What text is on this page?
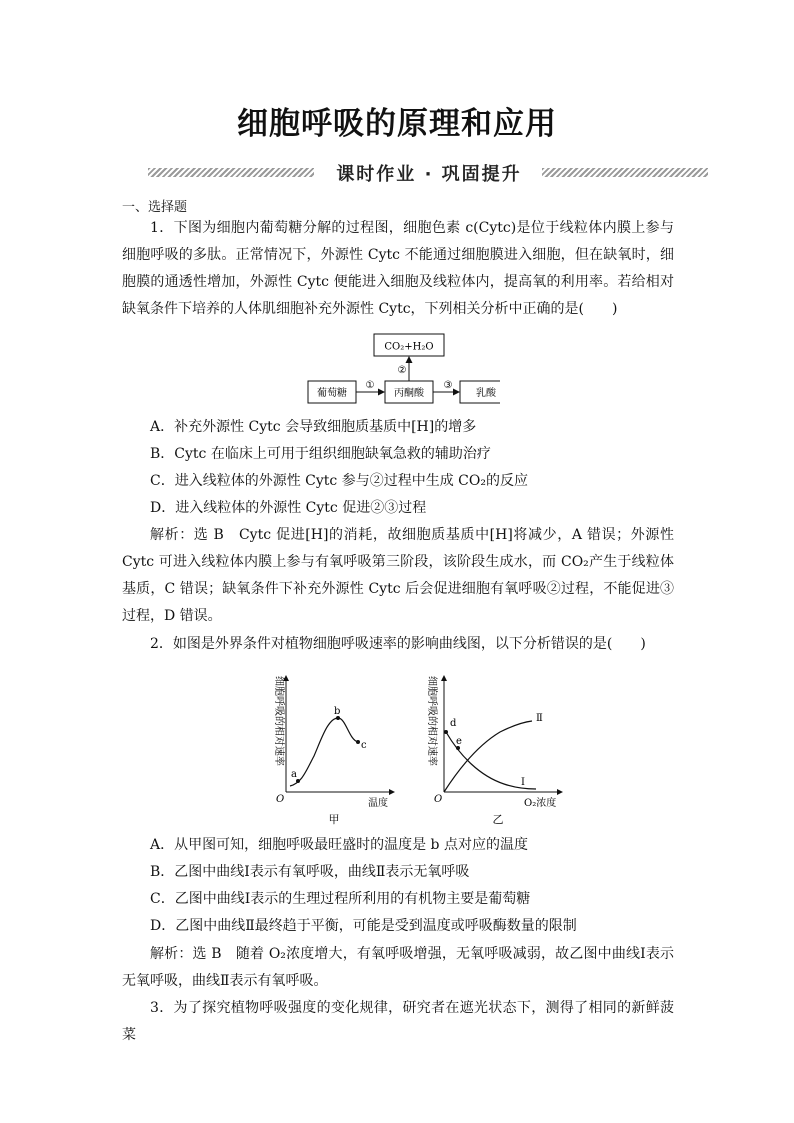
细胞呼吸的原理和应用
课时作业 · 巩固提升
一、选择题

1．下图为细胞内葡萄糖分解的过程图，细胞色素 c(Cytc)是位于线粒体内膜上参与细胞呼吸的多肽。正常情况下，外源性 Cytc 不能通过细胞膜进入细胞，但在缺氧时，细胞膜的通透性增加，外源性 Cytc 便能进入细胞及线粒体内，提高氧的利用率。若给相对缺氧条件下培养的人体肌细胞补充外源性 Cytc，下列相关分析中正确的是(　　)

CO₂+H₂O
葡萄糖	丙酮酸	乳酸
①	③
②
A．补充外源性 Cytc 会导致细胞质基质中[H]的增多
B．Cytc 在临床上可用于组织细胞缺氧急救的辅助治疗
C．进入线粒体的外源性 Cytc 参与②过程中生成 CO₂的反应
D．进入线粒体的外源性 Cytc 促进②③过程

解析：选 B　Cytc 促进[H]的消耗，故细胞质基质中[H]将减少，A 错误；外源性 Cytc 可进入线粒体内膜上参与有氧呼吸第三阶段，该阶段生成水，而 CO₂产生于线粒体基质，C 错误；缺氧条件下补充外源性 Cytc 后会促进细胞有氧呼吸②过程，不能促进③过程，D 错误。

2．如图是外界条件对植物细胞呼吸速率的影响曲线图，以下分析错误的是(　　)

细胞呼吸的相对速率
O	温度
a
b
c
甲
细胞呼吸的相对速率
O	O₂浓度
Ⅰ
Ⅱ
d
e
乙
A．从甲图可知，细胞呼吸最旺盛时的温度是 b 点对应的温度
B．乙图中曲线Ⅰ表示有氧呼吸，曲线Ⅱ表示无氧呼吸
C．乙图中曲线Ⅰ表示的生理过程所利用的有机物主要是葡萄糖
D．乙图中曲线Ⅱ最终趋于平衡，可能是受到温度或呼吸酶数量的限制

解析：选 B　随着 O₂浓度增大，有氧呼吸增强，无氧呼吸减弱，故乙图中曲线Ⅰ表示无氧呼吸，曲线Ⅱ表示有氧呼吸。

3．为了探究植物呼吸强度的变化规律，研究者在遮光状态下，测得了相同的新鲜菠菜
